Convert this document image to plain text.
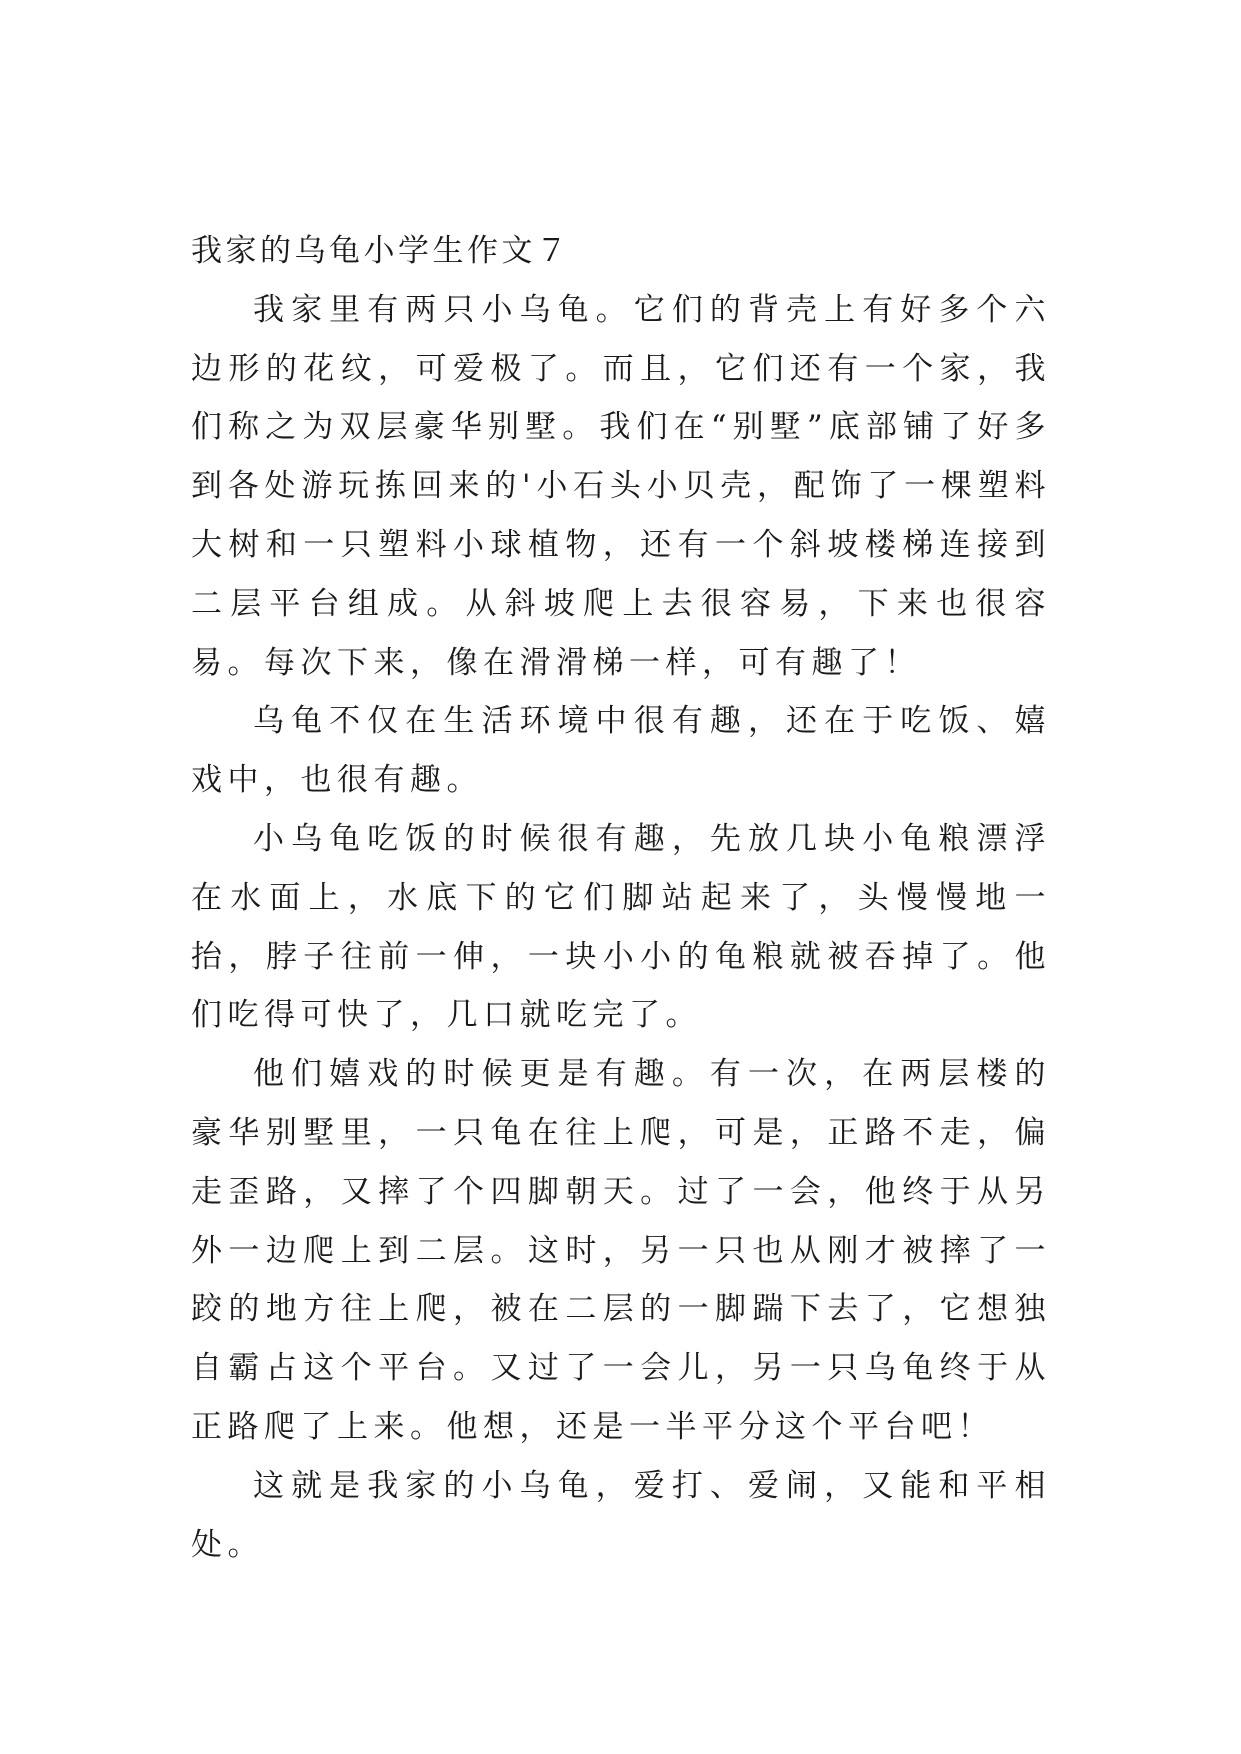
我家的乌龟小学生作文７

我家里有两只小乌龟。它们的背壳上有好多个六边形的花纹，可爱极了。而且，它们还有一个家，我们称之为双层豪华别墅。我们在“别墅”底部铺了好多到各处游玩拣回来的'小石头小贝壳，配饰了一棵塑料大树和一只塑料小球植物，还有一个斜坡楼梯连接到二层平台组成。从斜坡爬上去很容易，下来也很容易。每次下来，像在滑滑梯一样，可有趣了！

乌龟不仅在生活环境中很有趣，还在于吃饭、嬉戏中，也很有趣。

小乌龟吃饭的时候很有趣，先放几块小龟粮漂浮在水面上，水底下的它们脚站起来了，头慢慢地一抬，脖子往前一伸，一块小小的龟粮就被吞掉了。他们吃得可快了，几口就吃完了。

他们嬉戏的时候更是有趣。有一次，在两层楼的豪华别墅里，一只龟在往上爬，可是，正路不走，偏走歪路，又摔了个四脚朝天。过了一会，他终于从另外一边爬上到二层。这时，另一只也从刚才被摔了一跤的地方往上爬，被在二层的一脚踹下去了，它想独自霸占这个平台。又过了一会儿，另一只乌龟终于从正路爬了上来。他想，还是一半平分这个平台吧！

这就是我家的小乌龟，爱打、爱闹，又能和平相处。
